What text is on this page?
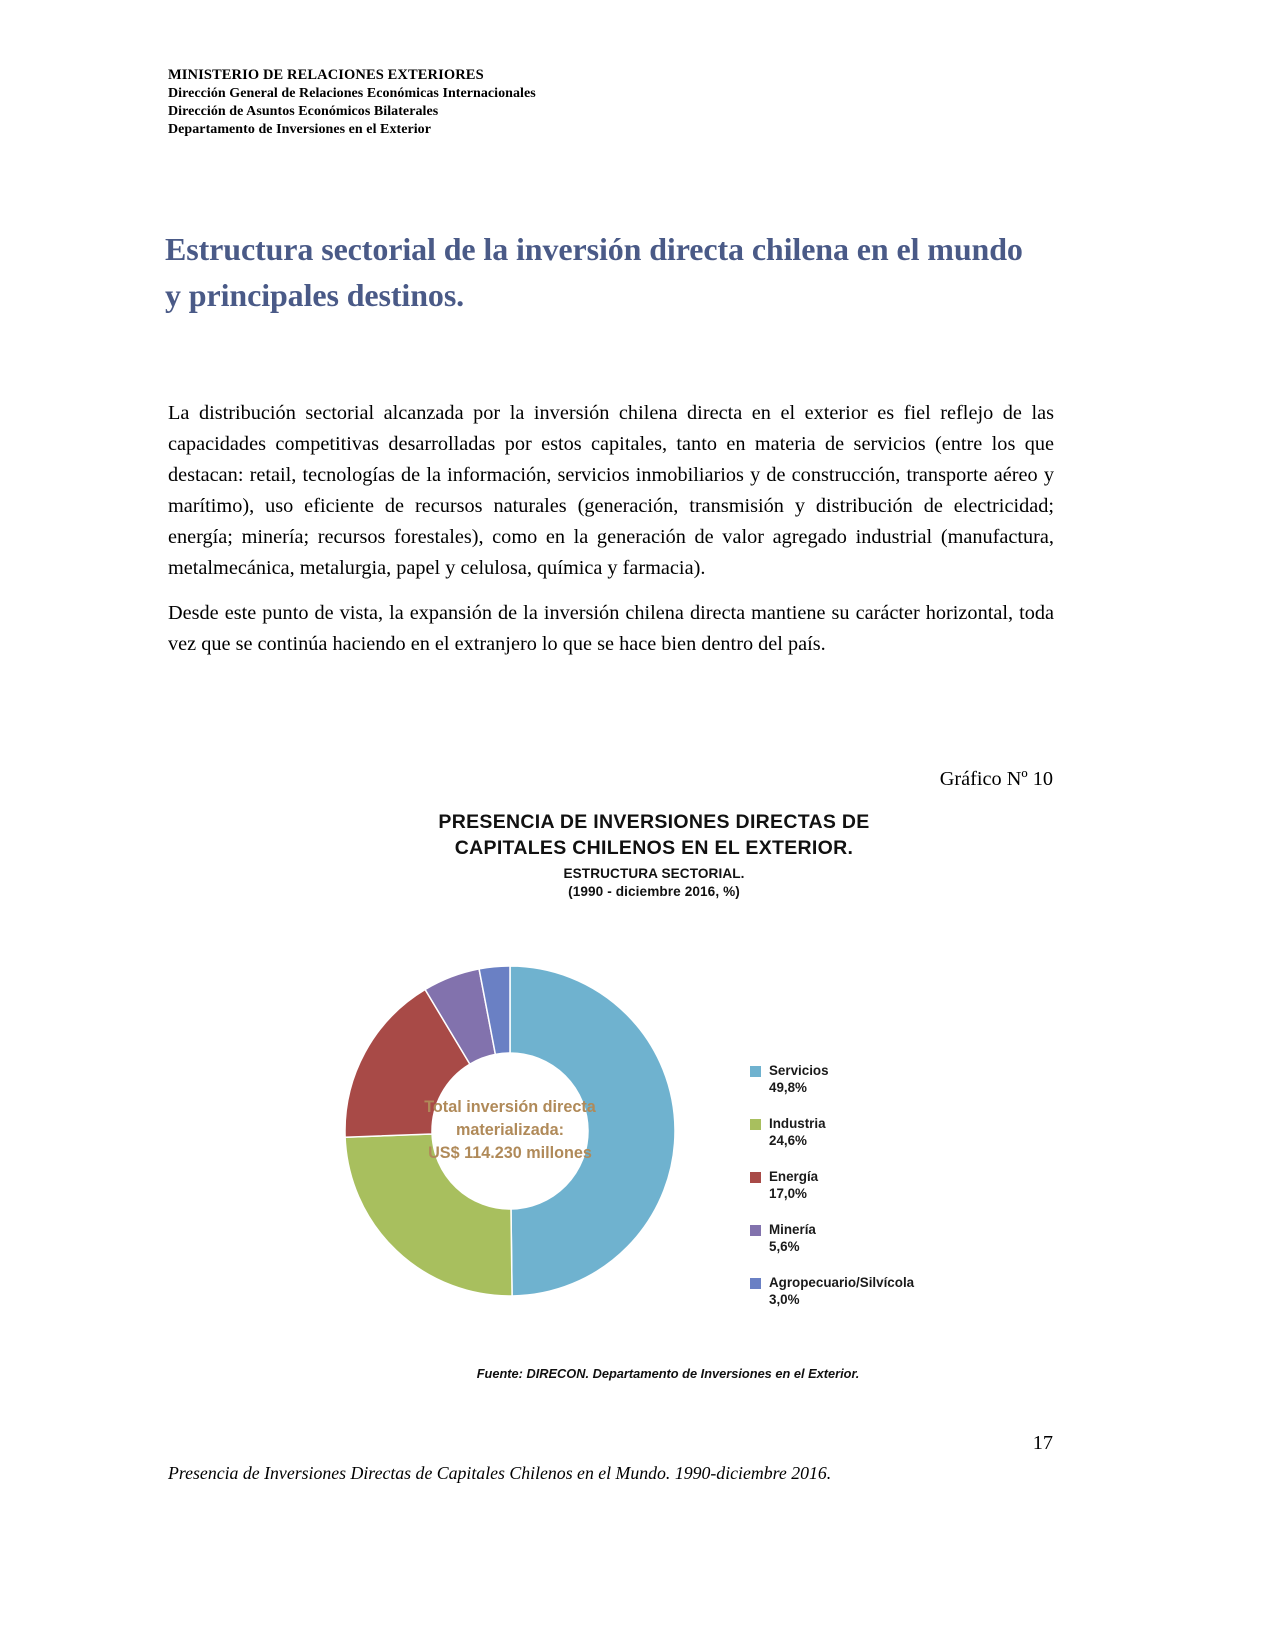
MINISTERIO DE RELACIONES EXTERIORES
Dirección General de Relaciones Económicas Internacionales
Dirección de Asuntos Económicos Bilaterales
Departamento de Inversiones en el Exterior
Estructura sectorial de la inversión directa chilena en el mundo y principales destinos.

La distribución sectorial alcanzada por la inversión chilena directa en el exterior es fiel reflejo de las capacidades competitivas desarrolladas por estos capitales, tanto en materia de servicios (entre los que destacan: retail, tecnologías de la información, servicios inmobiliarios y de construcción, transporte aéreo y marítimo), uso eficiente de recursos naturales (generación, transmisión y distribución de electricidad; energía; minería; recursos forestales), como en la generación de valor agregado industrial (manufactura, metalmecánica, metalurgia, papel y celulosa, química y farmacia).

Desde este punto de vista, la expansión de la inversión chilena directa mantiene su carácter horizontal, toda vez que se continúa haciendo en el extranjero lo que se hace bien dentro del país.

Gráfico Nº 10
PRESENCIA DE INVERSIONES DIRECTAS DE
CAPITALES CHILENOS EN EL EXTERIOR.
ESTRUCTURA SECTORIAL.
(1990 - diciembre 2016, %)
Total inversión directa
materializada:
US$ 114.230 millones
Servicios
49,8%
Industria
24,6%
Energía
17,0%
Minería
5,6%
Agropecuario/Silvícola
3,0%
Fuente: DIRECON. Departamento de Inversiones en el Exterior.
17
Presencia de Inversiones Directas de Capitales Chilenos en el Mundo. 1990-diciembre 2016.
